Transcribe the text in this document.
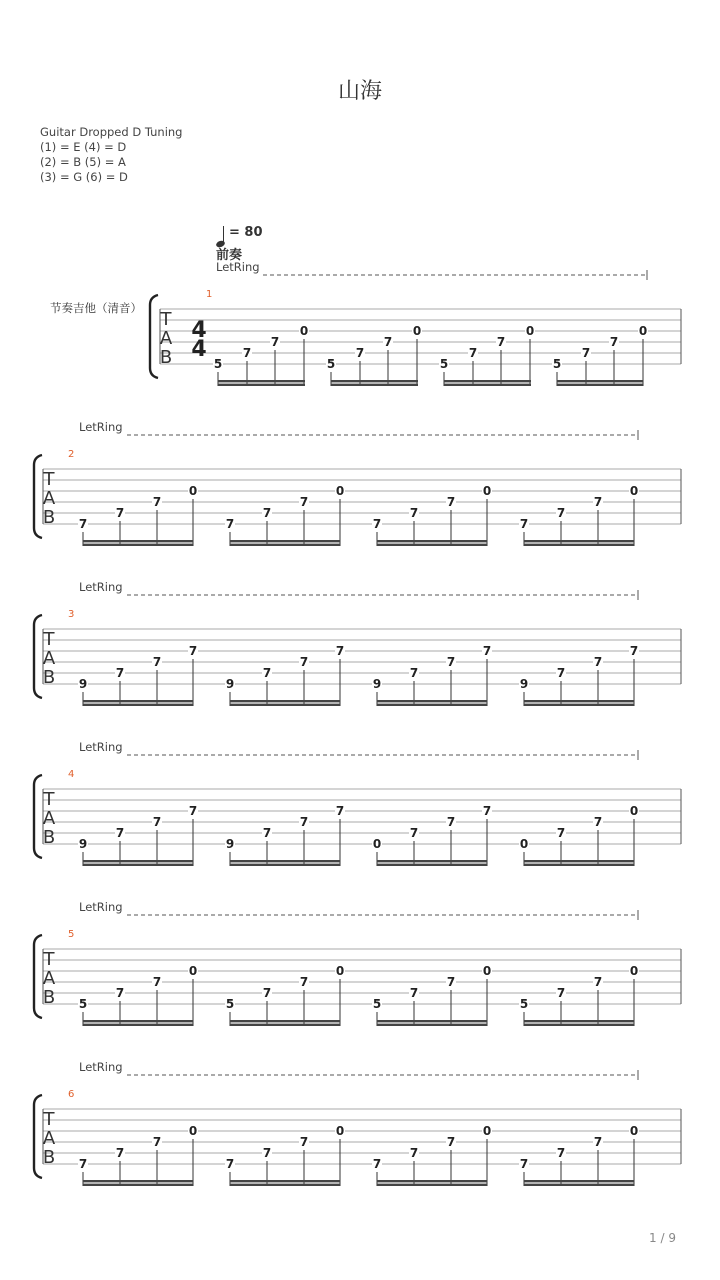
山海
Guitar Dropped D Tuning
(1) = E (4) = D
(2) = B (5) = A
(3) = G (6) = D
= 80
前奏
节奏吉他（清音）
LetRing
T
A
B
4
4
1
5
7
7
0
5
7
7
0
5
7
7
0
5
7
7
0
LetRing
T
A
B
2
7
7
7
0
7
7
7
0
7
7
7
0
7
7
7
0
LetRing
T
A
B
3
9
7
7
7
9
7
7
7
9
7
7
7
9
7
7
7
LetRing
T
A
B
4
9
7
7
7
9
7
7
7
0
7
7
7
0
7
7
0
LetRing
T
A
B
5
5
7
7
0
5
7
7
0
5
7
7
0
5
7
7
0
LetRing
T
A
B
6
7
7
7
0
7
7
7
0
7
7
7
0
7
7
7
0
1 / 9
